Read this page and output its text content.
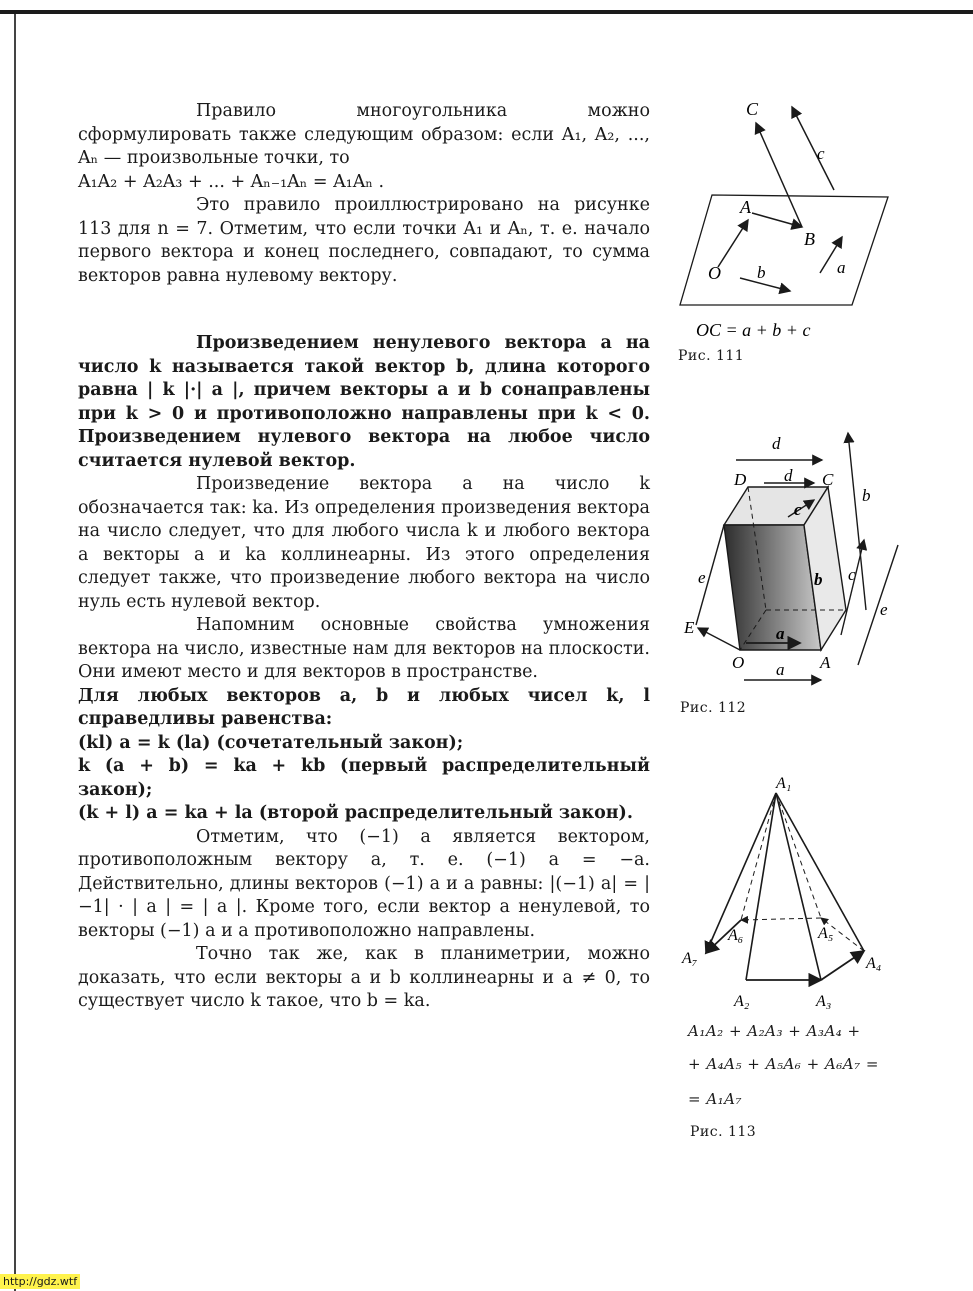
Правило многоугольника можно сформулировать также следующим образом: если A₁, A₂, ..., Aₙ — произвольные точки, то

A₁A₂ + A₂A₃ + ... + Aₙ₋₁Aₙ = A₁Aₙ .

Это правило проиллюстрировано на рисунке 113 для n = 7. Отметим, что если точки A₁ и Aₙ, т. е. начало первого вектора и конец последнего, совпадают, то сумма векторов равна нулевому вектору.

Произведением ненулевого вектора a на число k называется такой вектор b, длина которого равна | k |·| a |, причем векторы a и b сонаправлены при k > 0 и противоположно направлены при k < 0. Произведением нулевого вектора на любое число считается нулевой вектор.

Произведение вектора a на число k обозначается так: ka. Из определения произведения вектора на число следует, что для любого числа k и любого вектора a векторы a и ka коллинеарны. Из этого определения следует также, что произведение любого вектора на число нуль есть нулевой вектор.

Напомним основные свойства умножения вектора на число, известные нам для векторов на плоскости. Они имеют место и для векторов в пространстве.

Для любых векторов a, b и любых чисел k, l справедливы равенства:

(kl) a = k (la) (сочетательный закон);

k (a + b) = ka + kb (первый распределительный закон);

(k + l) a = ka + la (второй распределительный закон).

Отметим, что (−1) a является вектором, противоположным вектору a, т. е. (−1) a = −a. Действительно, длины векторов (−1) a и a равны: |(−1) a| = |−1| · | a | = | a |. Кроме того, если вектор a ненулевой, то векторы (−1) a и a противоположно направлены.

Точно так же, как в планиметрии, можно доказать, что если векторы a и b коллинеарны и a ≠ 0, то существует число k такое, что b = ka.

C
A
B
O
c
b	a
OC = a + b + c
Рис. 111
D	C
E
O	A
d
d
c
b
b c
e
e
a
a
Рис. 112
A₁
A₂	A₃
A₄
A₅
A₆
A₇
A₁A₂ + A₂A₃ + A₃A₄ +
+ A₄A₅ + A₅A₆ + A₆A₇ =
= A₁A₇
Рис. 113
http://gdz.wtf
